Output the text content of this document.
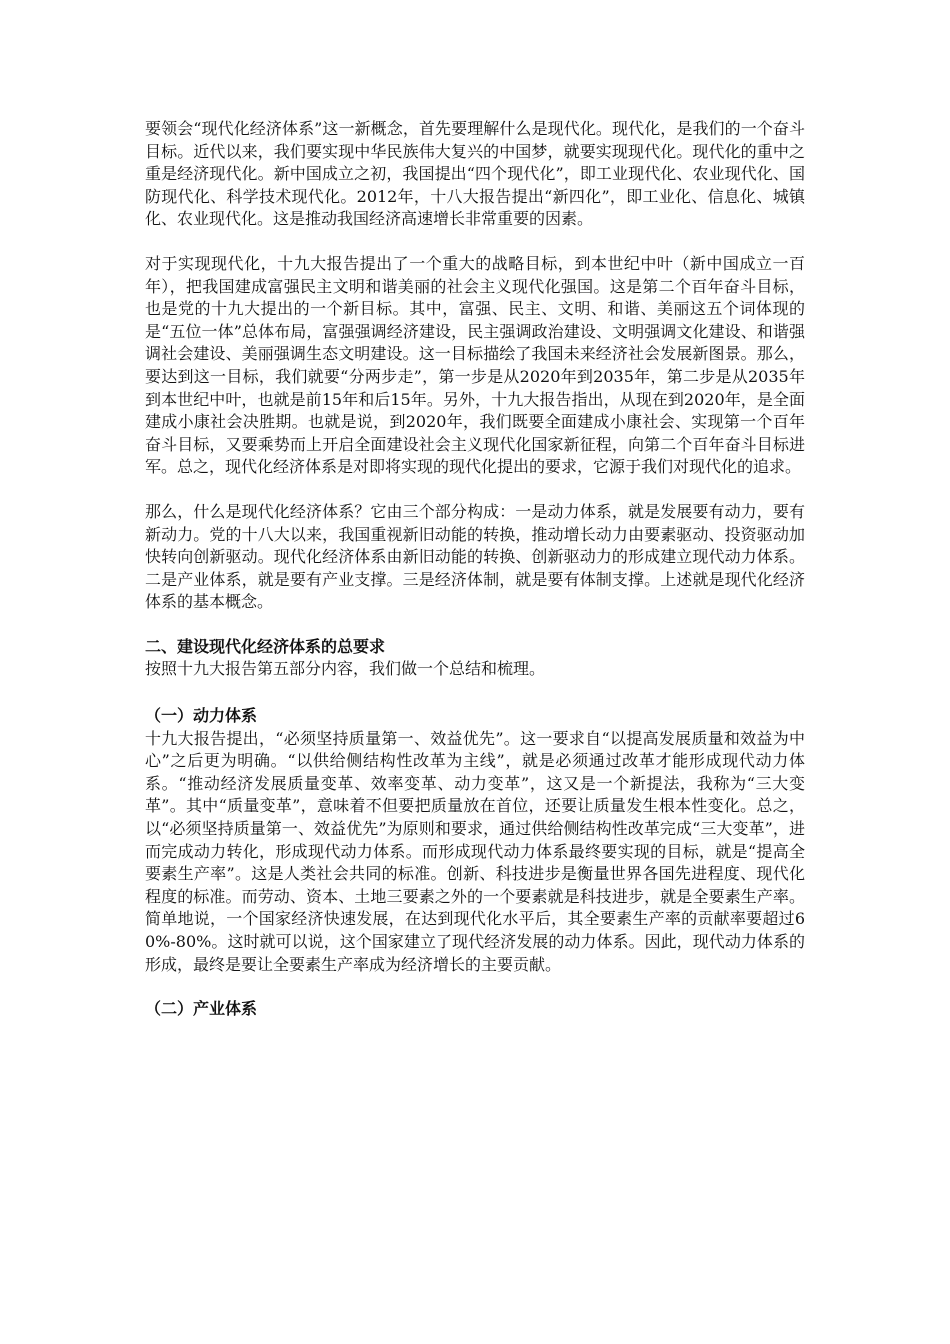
要领会“现代化经济体系”这一新概念，首先要理解什么是现代化。现代化，是我们的一个奋斗目标。近代以来，我们要实现中华民族伟大复兴的中国梦，就要实现现代化。现代化的重中之重是经济现代化。新中国成立之初，我国提出“四个现代化”，即工业现代化、农业现代化、国防现代化、科学技术现代化。2012年，十八大报告提出“新四化”，即工业化、信息化、城镇化、农业现代化。这是推动我国经济高速增长非常重要的因素。

对于实现现代化，十九大报告提出了一个重大的战略目标，到本世纪中叶（新中国成立一百年），把我国建成富强民主文明和谐美丽的社会主义现代化强国。这是第二个百年奋斗目标，也是党的十九大提出的一个新目标。其中，富强、民主、文明、和谐、美丽这五个词体现的是“五位一体”总体布局，富强强调经济建设，民主强调政治建设、文明强调文化建设、和谐强调社会建设、美丽强调生态文明建设。这一目标描绘了我国未来经济社会发展新图景。那么，要达到这一目标，我们就要“分两步走”，第一步是从2020年到2035年，第二步是从2035年到本世纪中叶，也就是前15年和后15年。另外，十九大报告指出，从现在到2020年，是全面建成小康社会决胜期。也就是说，到2020年，我们既要全面建成小康社会、实现第一个百年奋斗目标，又要乘势而上开启全面建设社会主义现代化国家新征程，向第二个百年奋斗目标进军。总之，现代化经济体系是对即将实现的现代化提出的要求，它源于我们对现代化的追求。

那么，什么是现代化经济体系？它由三个部分构成：一是动力体系，就是发展要有动力，要有新动力。党的十八大以来，我国重视新旧动能的转换，推动增长动力由要素驱动、投资驱动加快转向创新驱动。现代化经济体系由新旧动能的转换、创新驱动力的形成建立现代动力体系。二是产业体系，就是要有产业支撑。三是经济体制，就是要有体制支撑。上述就是现代化经济体系的基本概念。

二、建设现代化经济体系的总要求

按照十九大报告第五部分内容，我们做一个总结和梳理。

（一）动力体系

十九大报告提出，“必须坚持质量第一、效益优先”。这一要求自“以提高发展质量和效益为中心”之后更为明确。“以供给侧结构性改革为主线”，就是必须通过改革才能形成现代动力体系。“推动经济发展质量变革、效率变革、动力变革”，这又是一个新提法，我称为“三大变革”。其中“质量变革”，意味着不但要把质量放在首位，还要让质量发生根本性变化。总之，以“必须坚持质量第一、效益优先”为原则和要求，通过供给侧结构性改革完成“三大变革”，进而完成动力转化，形成现代动力体系。而形成现代动力体系最终要实现的目标，就是“提高全要素生产率”。这是人类社会共同的标准。创新、科技进步是衡量世界各国先进程度、现代化程度的标准。而劳动、资本、土地三要素之外的一个要素就是科技进步，就是全要素生产率。简单地说，一个国家经济快速发展，在达到现代化水平后，其全要素生产率的贡献率要超过60%-80%。这时就可以说，这个国家建立了现代经济发展的动力体系。因此，现代动力体系的形成，最终是要让全要素生产率成为经济增长的主要贡献。

（二）产业体系
